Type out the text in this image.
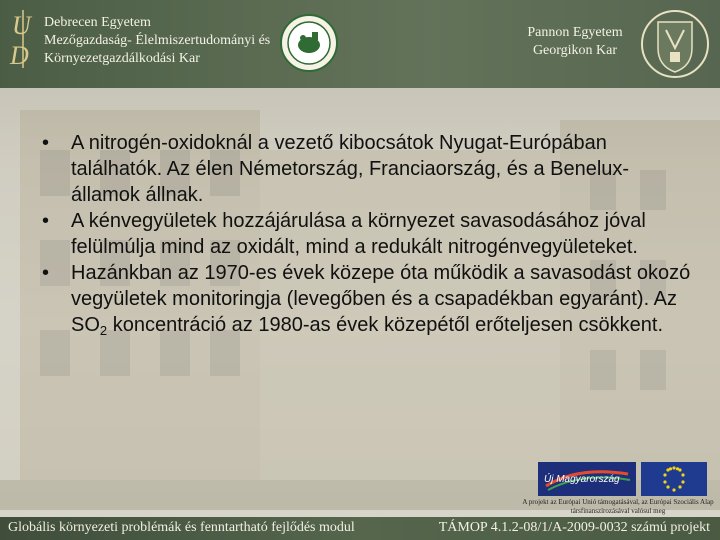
U
D
Debrecen Egyetem
Mezőgazdaság- Élelmiszertudományi és
Környezetgazdálkodási Kar
Pannon Egyetem
Georgikon Kar
•	A nitrogén-oxidoknál a vezető kibocsátok Nyugat-Európában találhatók. Az élen Németország, Franciaország, és a Benelux-államok állnak.

•	A kénvegyületek hozzájárulása a környezet savasodásához jóval felülmúlja mind az oxidált, mind a redukált nitrogénvegyületeket.

•	Hazánkban az 1970-es évek közepe óta működik a savasodást okozó vegyületek monitoringja (levegőben és a csapadékban egyaránt). Az $SO_2$ koncentráció az 1980-as évek közepétől erőteljesen csökkent.

Új Magyarország
A projekt az Európai Unió támogatásával, az Európai Szociális Alap társfinanszírozásával valósul meg
Globális környezeti problémák és fenntartható fejlődés modul	TÁMOP 4.1.2-08/1/A-2009-0032 számú projekt
